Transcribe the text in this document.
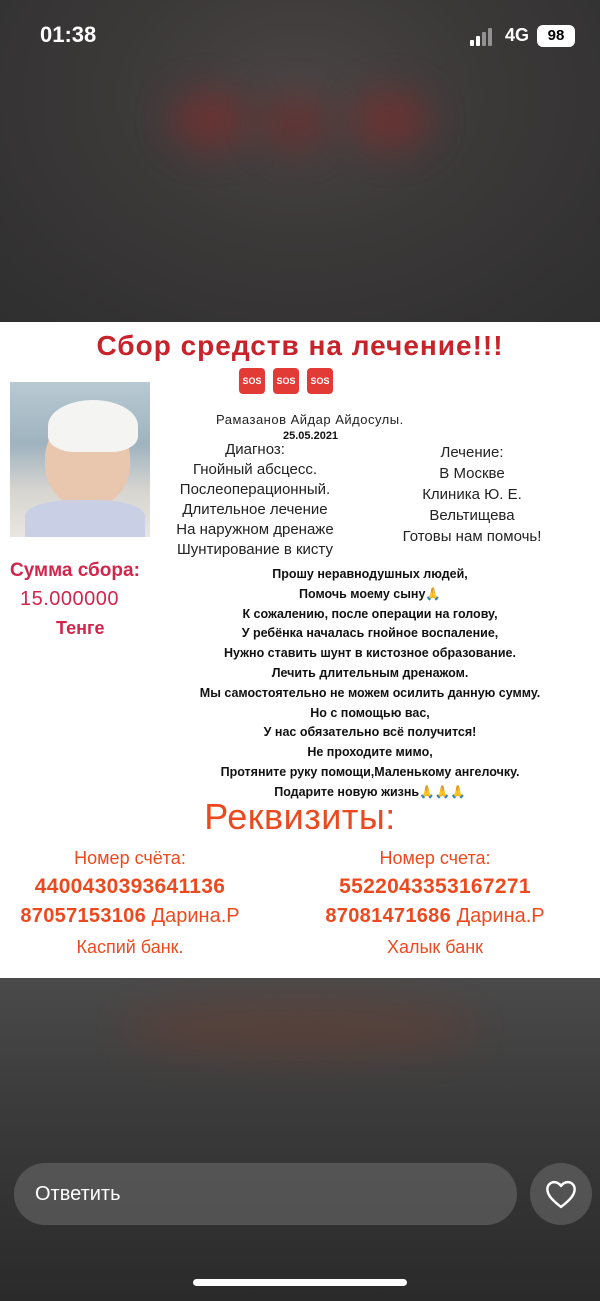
01:38	4G	98
Сбор средств на лечение!!!
SOS SOS SOS
Рамазанов Айдар Айдосулы.
25.05.2021
Диагноз:
Гнойный абсцесс.
Послеоперационный.
Длительное лечение
На наружном дренаже
Шунтирование в кисту
Лечение:
В Москве
Клиника Ю. Е.
Вельтищева
Готовы нам помочь!
Сумма сбора:
15.000000
Тенге
Прошу неравнодушных людей,
Помочь моему сыну🙏
К сожалению, после операции на голову,
У ребёнка началась гнойное воспаление,
Нужно ставить шунт в кистозное образование.
Лечить длительным дренажом.
Мы самостоятельно не можем осилить данную сумму.
Но с помощью вас,
У нас обязательно всё получится!
Не проходите мимо,
Протяните руку помощи,Маленькому ангелочку.
Подарите новую жизнь🙏🙏🙏
Реквизиты:
Номер счёта:
4400430393641136
87057153106 Дарина.Р
Каспий банк.
Номер счета:
5522043353167271
87081471686 Дарина.Р
Халык банк
Ответить
